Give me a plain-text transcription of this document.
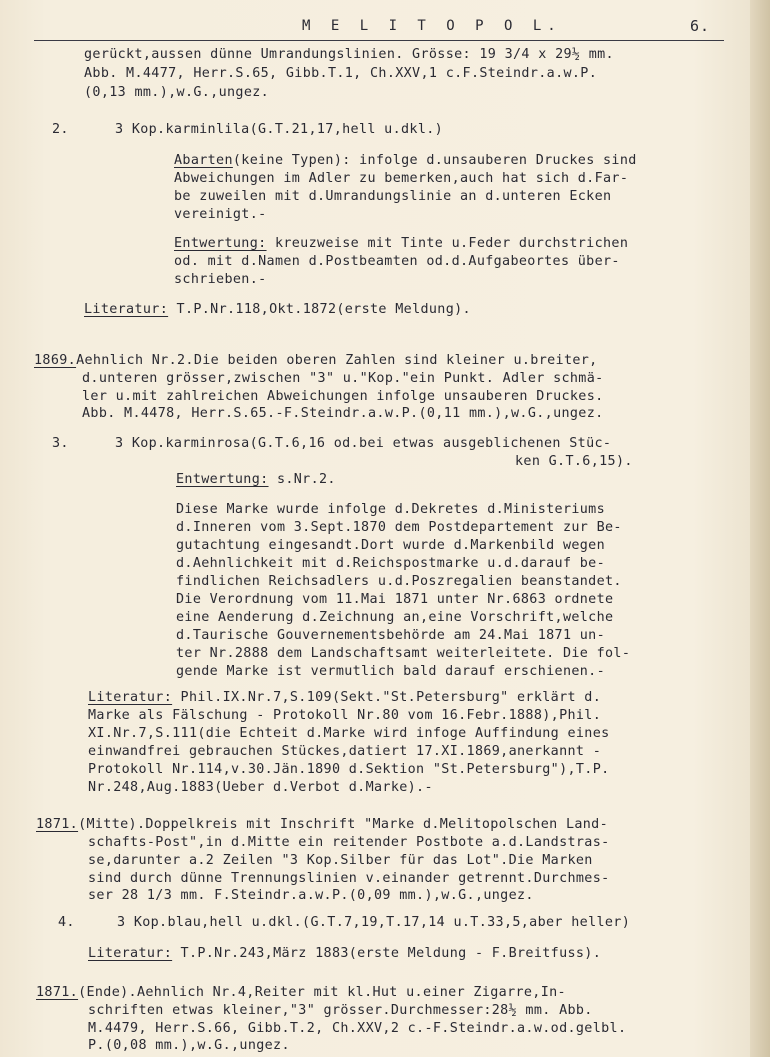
M E L I T O P O L.	6.
gerückt,aussen dünne Umrandungslinien. Grösse: 19 3/4 x 29½ mm.
Abb. M.4477, Herr.S.65, Gibb.T.1, Ch.XXV,1 c.F.Steindr.a.w.P.
(0,13 mm.),w.G.,ungez.
2.	3 Kop.karminlila(G.T.21,17,hell u.dkl.)
Abarten(keine Typen): infolge d.unsauberen Druckes sind
Abweichungen im Adler zu bemerken,auch hat sich d.Far-
be zuweilen mit d.Umrandungslinie an d.unteren Ecken
vereinigt.-
Entwertung: kreuzweise mit Tinte u.Feder durchstrichen
od. mit d.Namen d.Postbeamten od.d.Aufgabeortes über-
schrieben.-
Literatur: T.P.Nr.118,Okt.1872(erste Meldung).
1869.Aehnlich Nr.2.Die beiden oberen Zahlen sind kleiner u.breiter,
d.unteren grösser,zwischen "3" u."Kop."ein Punkt. Adler schmä-
ler u.mit zahlreichen Abweichungen infolge unsauberen Druckes.
Abb. M.4478, Herr.S.65.-F.Steindr.a.w.P.(0,11 mm.),w.G.,ungez.
3.	3 Kop.karminrosa(G.T.6,16 od.bei etwas ausgeblichenen Stüc-
ken G.T.6,15).
Entwertung: s.Nr.2.
Diese Marke wurde infolge d.Dekretes d.Ministeriums
d.Inneren vom 3.Sept.1870 dem Postdepartement zur Be-
gutachtung eingesandt.Dort wurde d.Markenbild wegen
d.Aehnlichkeit mit d.Reichspostmarke u.d.darauf be-
findlichen Reichsadlers u.d.Poszregalien beanstandet.
Die Verordnung vom 11.Mai 1871 unter Nr.6863 ordnete
eine Aenderung d.Zeichnung an,eine Vorschrift,welche
d.Taurische Gouvernementsbehörde am 24.Mai 1871 un-
ter Nr.2888 dem Landschaftsamt weiterleitete. Die fol-
gende Marke ist vermutlich bald darauf erschienen.-
Literatur: Phil.IX.Nr.7,S.109(Sekt."St.Petersburg" erklärt d.
Marke als Fälschung - Protokoll Nr.80 vom 16.Febr.1888),Phil.
XI.Nr.7,S.111(die Echteit d.Marke wird infoge Auffindung eines
einwandfrei gebrauchen Stückes,datiert 17.XI.1869,anerkannt -
Protokoll Nr.114,v.30.Jän.1890 d.Sektion "St.Petersburg"),T.P.
Nr.248,Aug.1883(Ueber d.Verbot d.Marke).-
1871.(Mitte).Doppelkreis mit Inschrift "Marke d.Melitopolschen Land-
schafts-Post",in d.Mitte ein reitender Postbote a.d.Landstras-
se,darunter a.2 Zeilen "3 Kop.Silber für das Lot".Die Marken
sind durch dünne Trennungslinien v.einander getrennt.Durchmes-
ser 28 1/3 mm. F.Steindr.a.w.P.(0,09 mm.),w.G.,ungez.
4.	3 Kop.blau,hell u.dkl.(G.T.7,19,T.17,14 u.T.33,5,aber heller)
Literatur: T.P.Nr.243,März 1883(erste Meldung - F.Breitfuss).
1871.(Ende).Aehnlich Nr.4,Reiter mit kl.Hut u.einer Zigarre,In-
schriften etwas kleiner,"3" grösser.Durchmesser:28½ mm. Abb.
M.4479, Herr.S.66, Gibb.T.2, Ch.XXV,2 c.-F.Steindr.a.w.od.gelbl.
P.(0,08 mm.),w.G.,ungez.
